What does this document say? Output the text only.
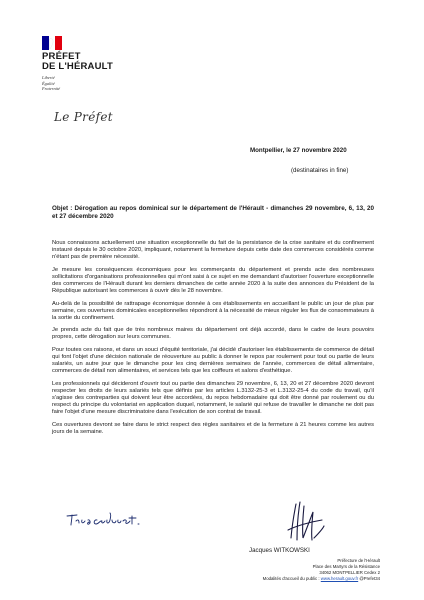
PRÉFET
DE L'HÉRAULT
Liberté
Égalité
Fraternité
Le Préfet
Montpellier, le 27 novembre 2020
(destinataires in fine)
Objet : Dérogation au repos dominical sur le département de l'Hérault - dimanches 29 novembre, 6, 13, 20 et 27 décembre 2020

Nous connaissons actuellement une situation exceptionnelle du fait de la persistance de la crise sanitaire et du confinement instauré depuis le 30 octobre 2020, impliquant, notamment la fermeture depuis cette date des commerces considérés comme n'étant pas de première nécessité.

Je mesure les conséquences économiques pour les commerçants du département et prends acte des nombreuses sollicitations d'organisations professionnelles qui m'ont saisi à ce sujet en me demandant d'autoriser l'ouverture exceptionnelle des commerces de l'Hérault durant les derniers dimanches de cette année 2020 à la suite des annonces du Président de la République autorisant les commerces à ouvrir dès le 28 novembre.

Au-delà de la possibilité de rattrapage économique donnée à ces établissements en accueillant le public un jour de plus par semaine, ces ouvertures dominicales exceptionnelles répondront à la nécessité de mieux réguler les flux de consommateurs à la sortie du confinement.

Je prends acte du fait que de très nombreux maires du département ont déjà accordé, dans le cadre de leurs pouvoirs propres, cette dérogation sur leurs communes.

Pour toutes ces raisons, et dans un souci d'équité territoriale, j'ai décidé d'autoriser les établissements de commerce de détail qui font l'objet d'une décision nationale de réouverture au public à donner le repos par roulement pour tout ou partie de leurs salariés, un autre jour que le dimanche pour les cinq dernières semaines de l'année, commerces de détail alimentaire, commerces de détail non alimentaires, et services tels que les coiffeurs et salons d'esthétique.

Les professionnels qui décideront d'ouvrir tout ou partie des dimanches 29 novembre, 6, 13, 20 et 27 décembre 2020 devront respecter les droits de leurs salariés tels que définis par les articles L.3132-25-3 et L.3132-25-4 du code du travail, qu'il s'agisse des contreparties qui doivent leur être accordées, du repos hebdomadaire qui doit être donné par roulement ou du respect du principe du volontariat en application duquel, notamment, le salarié qui refuse de travailler le dimanche ne doit pas faire l'objet d'une mesure discriminatoire dans l'exécution de son contrat de travail.

Ces ouvertures devront se faire dans le strict respect des règles sanitaires et de la fermeture à 21 heures comme les autres jours de la semaine.

Jacques WITKOWSKI
Préfecture de l'Hérault
Place des Martyrs de la Résistance
34062 MONTPELLIER Cedex 2
Modalités d'accueil du public : www.herault.gouv.fr @Prefet34
